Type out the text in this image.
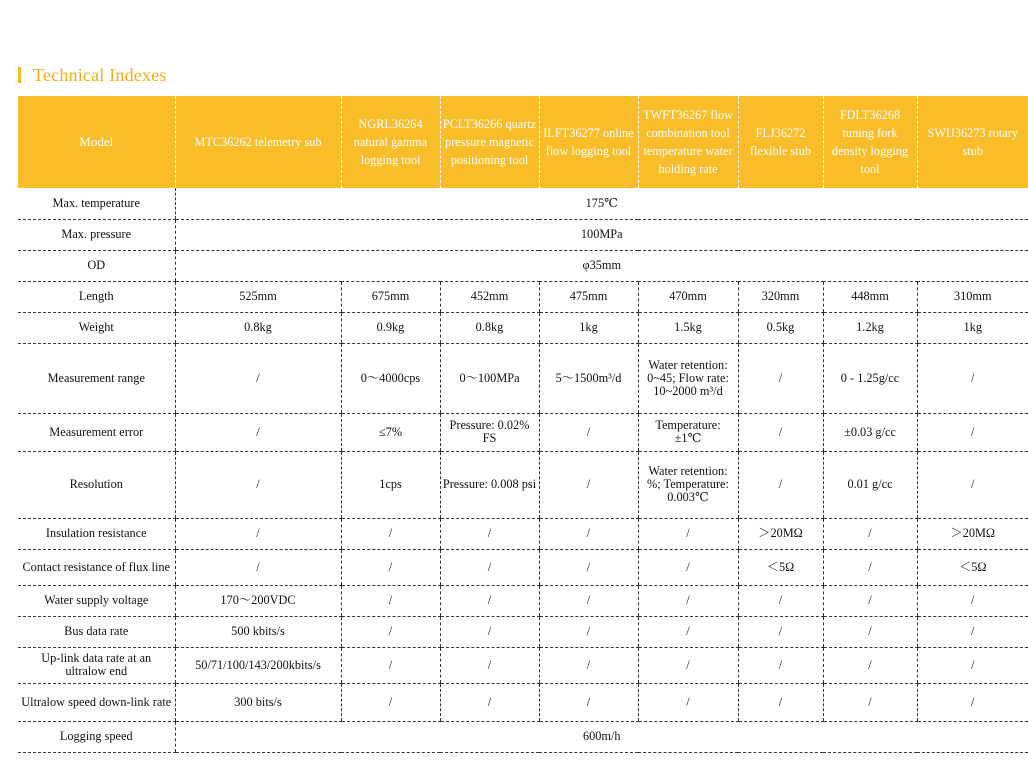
Technical Indexes
Model	MTC36262 telemetry sub	NGRL36264 natural gamma logging tool	PCLT36266 quartz pressure magnetic positioning tool	ILFT36277 online flow logging tool	TWFT36267 flow combination tool temperature water holding rate	FLJ36272 flexible stub	FDLT36268 tuning fork density logging tool	SWIJ36273 rotary stub
Max. temperature	175℃							
Max. pressure	100MPa							
OD	φ35mm							
Length	525mm	675mm	452mm	475mm	470mm	320mm	448mm	310mm
Weight	0.8kg	0.9kg	0.8kg	1kg	1.5kg	0.5kg	1.2kg	1kg
Measurement range	/	0～4000cps	0～100MPa	5～1500m³/d	Water retention: 0~45; Flow rate: 10~2000 m³/d	/	0 - 1.25g/cc	/
Measurement error	/	≤7%	Pressure: 0.02% FS	/	Temperature: ±1℃	/	±0.03 g/cc	/
Resolution	/	1cps	Pressure: 0.008 psi	/	Water retention: %; Temperature: 0.003℃	/	0.01 g/cc	/
Insulation resistance	/	/	/	/	/	＞20MΩ	/	＞20MΩ
Contact resistance of flux line	/	/	/	/	/	＜5Ω	/	＜5Ω
Water supply voltage	170～200VDC	/	/	/	/	/	/	/
Bus data rate	500 kbits/s	/	/	/	/	/	/	/
Up-link data rate at an ultralow end	50/71/100/143/200kbits/s	/	/	/	/	/	/	/
Ultralow speed down-link rate	300 bits/s	/	/	/	/	/	/	/
Logging speed	600m/h							
